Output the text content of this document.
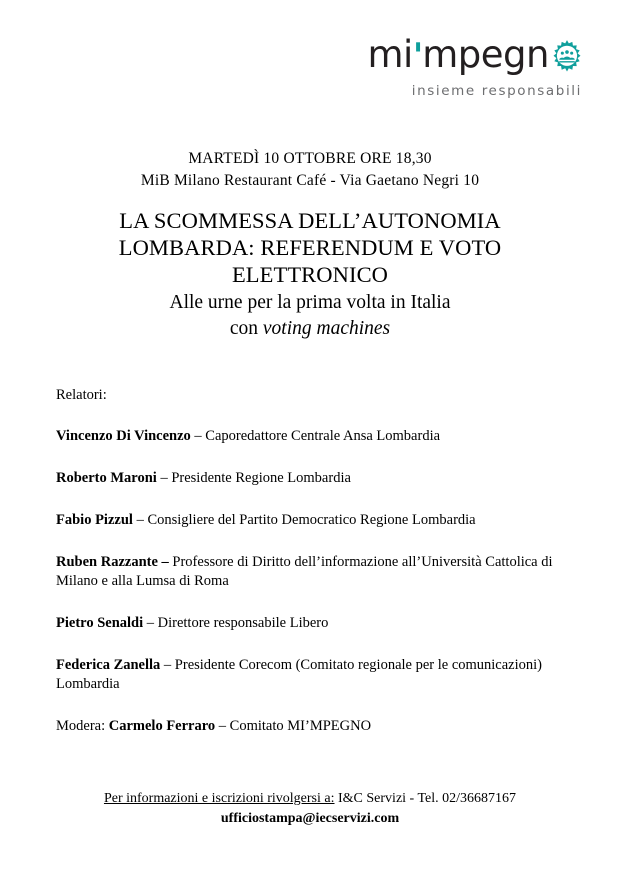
mi'mpegn
insieme responsabili
MARTEDÌ 10 OTTOBRE ORE 18,30
MiB Milano Restaurant Café - Via Gaetano Negri 10
LA SCOMMESSA DELL’AUTONOMIA
LOMBARDA: REFERENDUM E VOTO
ELETTRONICO
Alle urne per la prima volta in Italia
con voting machines
Relatori:
Vincenzo Di Vincenzo – Caporedattore Centrale Ansa Lombardia
Roberto Maroni – Presidente Regione Lombardia
Fabio Pizzul – Consigliere del Partito Democratico Regione Lombardia
Ruben Razzante – Professore di Diritto dell’informazione all’Università Cattolica di Milano e alla Lumsa di Roma
Pietro Senaldi – Direttore responsabile Libero
Federica Zanella – Presidente Corecom (Comitato regionale per le comunicazioni) Lombardia
Modera: Carmelo Ferraro – Comitato MI’MPEGNO
Per informazioni e iscrizioni rivolgersi a: I&C Servizi - Tel. 02/36687167
ufficiostampa@iecservizi.com
